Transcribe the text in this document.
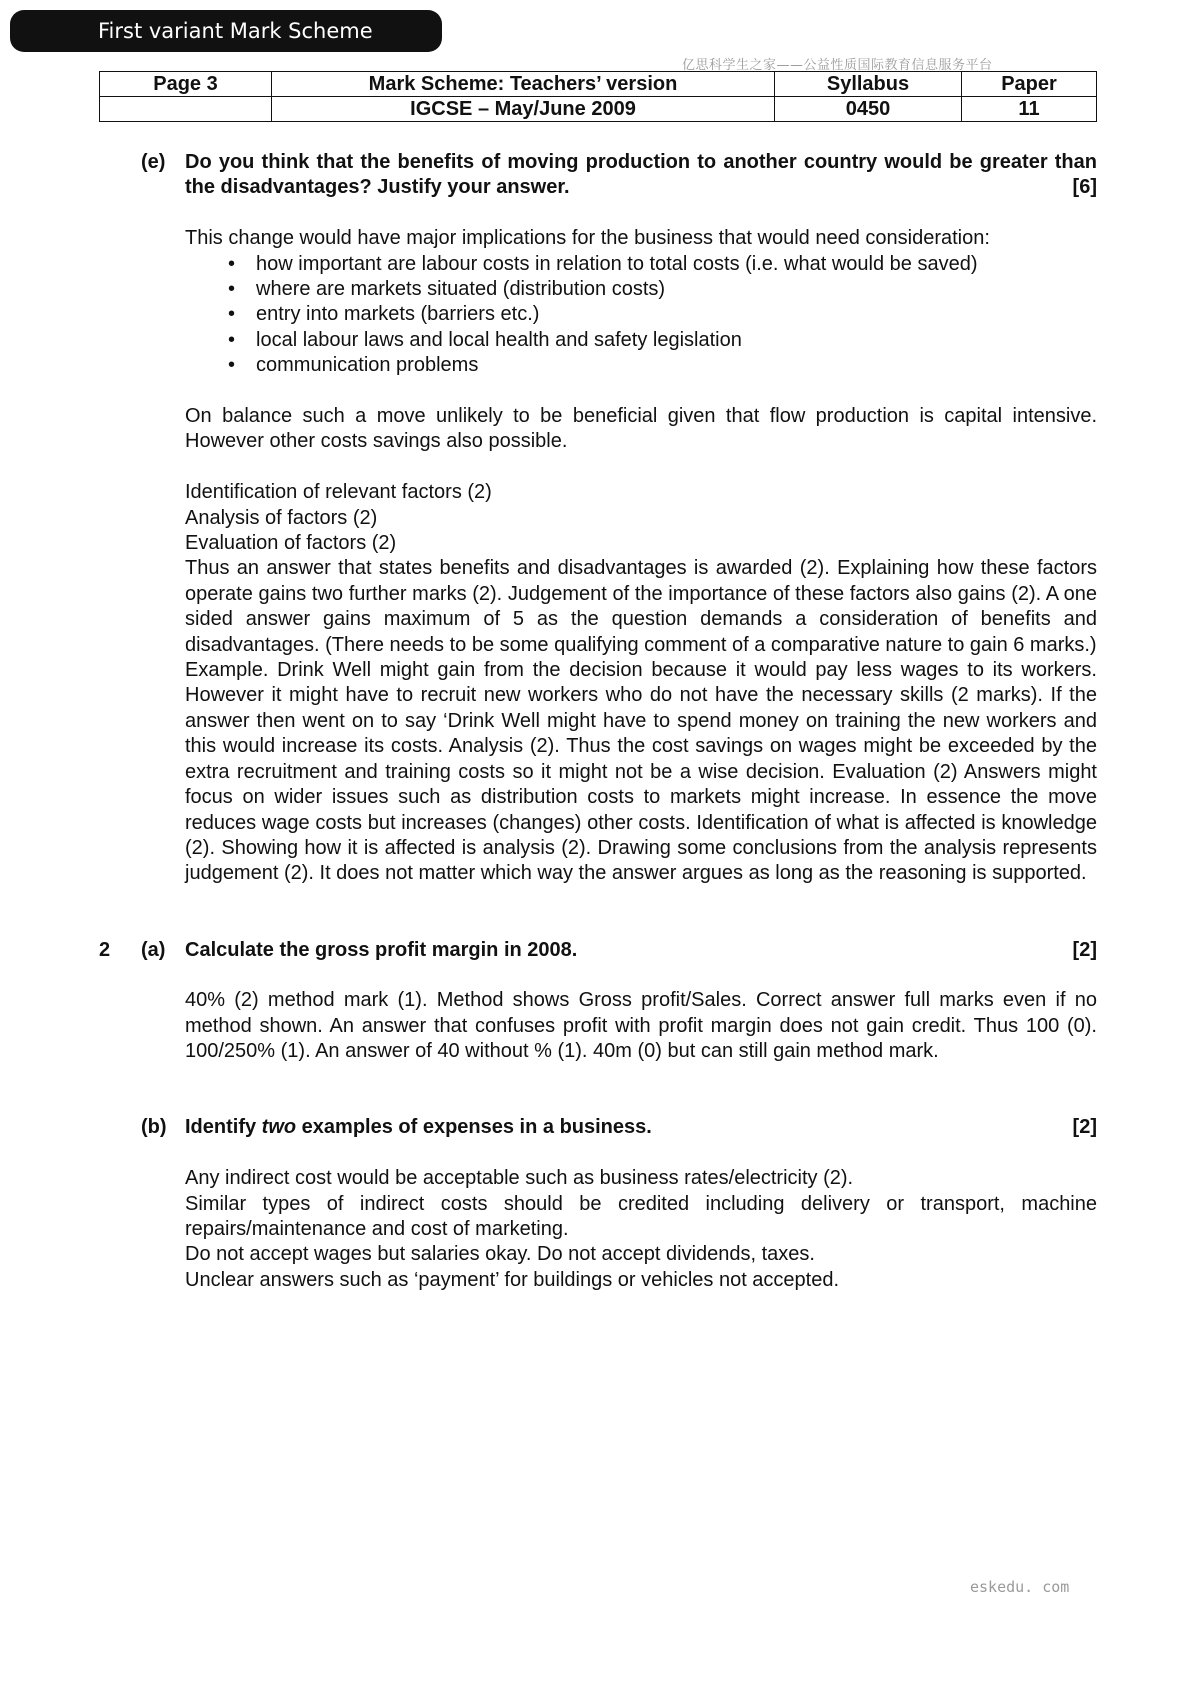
First variant Mark Scheme
亿思科学生之家——公益性质国际教育信息服务平台
Page 3	Mark Scheme: Teachers’ version	Syllabus	Paper
	IGCSE – May/June 2009	0450	11
(e) Do you think that the benefits of moving production to another country would be greater than the disadvantages? Justify your answer.	[6]
This change would have major implications for the business that would need consideration:
• how important are labour costs in relation to total costs (i.e. what would be saved)
• where are markets situated (distribution costs)
• entry into markets (barriers etc.)
• local labour laws and local health and safety legislation
• communication problems
On balance such a move unlikely to be beneficial given that flow production is capital intensive. However other costs savings also possible.
Identification of relevant factors (2)
Analysis of factors (2)
Evaluation of factors (2)
Thus an answer that states benefits and disadvantages is awarded (2). Explaining how these factors operate gains two further marks (2). Judgement of the importance of these factors also gains (2). A one sided answer gains maximum of 5 as the question demands a consideration of benefits and disadvantages. (There needs to be some qualifying comment of a comparative nature to gain 6 marks.)
Example. Drink Well might gain from the decision because it would pay less wages to its workers. However it might have to recruit new workers who do not have the necessary skills (2 marks). If the answer then went on to say ‘Drink Well might have to spend money on training the new workers and this would increase its costs. Analysis (2). Thus the cost savings on wages might be exceeded by the extra recruitment and training costs so it might not be a wise decision. Evaluation (2) Answers might focus on wider issues such as distribution costs to markets might increase. In essence the move reduces wage costs but increases (changes) other costs. Identification of what is affected is knowledge (2). Showing how it is affected is analysis (2). Drawing some conclusions from the analysis represents judgement (2). It does not matter which way the answer argues as long as the reasoning is supported.
2 (a) Calculate the gross profit margin in 2008.	[2]
40% (2) method mark (1). Method shows Gross profit/Sales. Correct answer full marks even if no method shown. An answer that confuses profit with profit margin does not gain credit. Thus 100 (0). 100/250% (1). An answer of 40 without % (1). 40m (0) but can still gain method mark.
(b) Identify two examples of expenses in a business.	[2]
Any indirect cost would be acceptable such as business rates/electricity (2).
Similar types of indirect costs should be credited including delivery or transport, machine repairs/maintenance and cost of marketing.
Do not accept wages but salaries okay. Do not accept dividends, taxes.
Unclear answers such as ‘payment’ for buildings or vehicles not accepted.
eskedu. com
